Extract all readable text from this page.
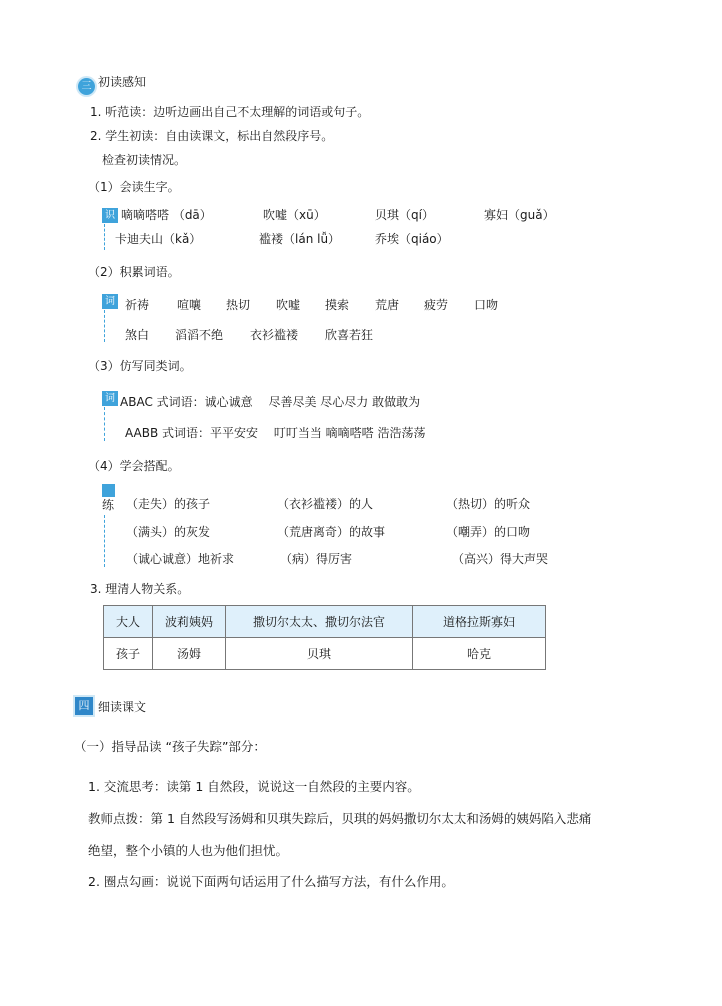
三 初读感知
1. 听范读：边听边画出自己不太理解的词语或句子。
2. 学生初读：自由读课文，标出自然段序号。
检查初读情况。
（1）会读生字。
识 嘀嘀嗒嗒 （dā）	吹嘘（xū）	贝琪（qí）	寡妇（guǎ）
卡迪夫山（kǎ）	褴褛（lán lǚ）	乔埃（qiáo）
（2）积累词语。
词 祈祷 喧嚷 热切 吹嘘 摸索 荒唐 疲劳 口吻
煞白 滔滔不绝 衣衫褴褛 欣喜若狂
（3）仿写同类词。
词 ABAC 式词语：诚心诚意　 尽善尽美 尽心尽力 敢做敢为
AABB 式词语：平平安安　 叮叮当当 嘀嘀嗒嗒 浩浩荡荡
（4）学会搭配。
练 （走失）的孩子	（衣衫褴褛）的人	（热切）的听众
（满头）的灰发	（荒唐离奇）的故事	（嘲弄）的口吻
（诚心诚意）地祈求	（病）得厉害	（高兴）得大声哭
3. 理清人物关系。
大人	波莉姨妈	撒切尔太太、撒切尔法官	道格拉斯寡妇
孩子	汤姆	贝琪	哈克
四 细读课文
（一）指导品读 “孩子失踪”部分：
1. 交流思考：读第 1 自然段，说说这一自然段的主要内容。
教师点拨：第 1 自然段写汤姆和贝琪失踪后，贝琪的妈妈撒切尔太太和汤姆的姨妈陷入悲痛
绝望，整个小镇的人也为他们担忧。
2. 圈点勾画：说说下面两句话运用了什么描写方法，有什么作用。
